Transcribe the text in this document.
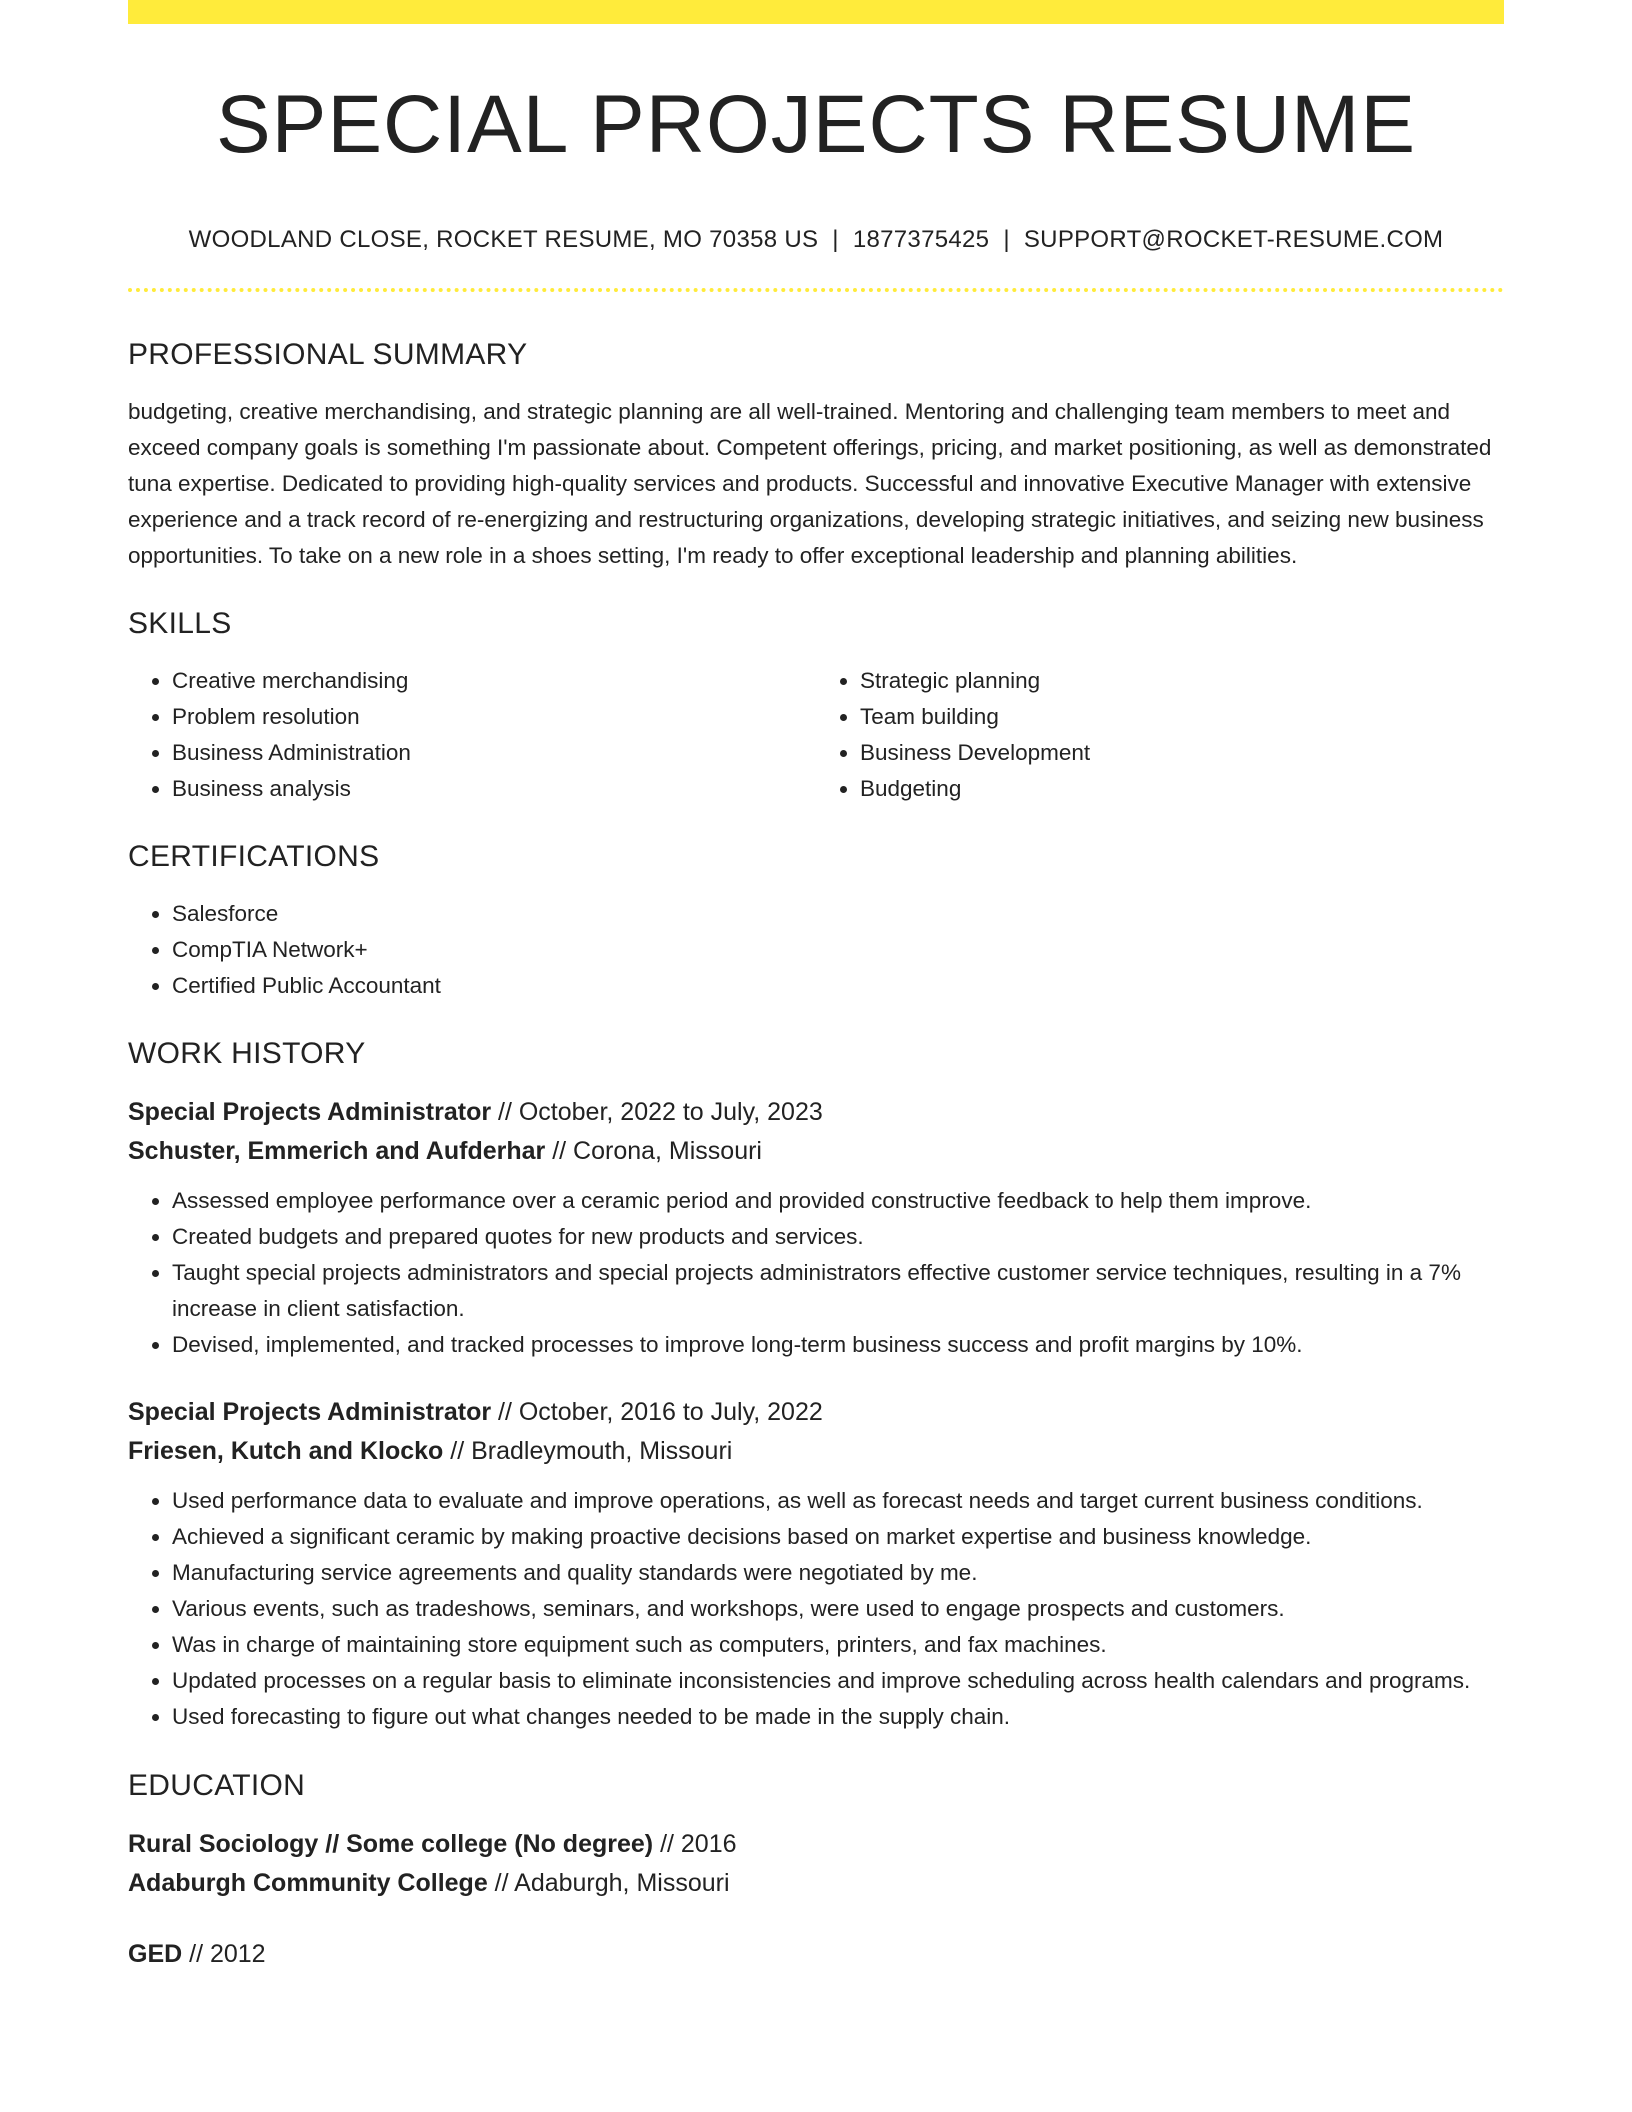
SPECIAL PROJECTS RESUME
WOODLAND CLOSE, ROCKET RESUME, MO 70358 US | 1877375425 | SUPPORT@ROCKET-RESUME.COM
PROFESSIONAL SUMMARY
budgeting, creative merchandising, and strategic planning are all well-trained. Mentoring and challenging team members to meet and exceed company goals is something I'm passionate about. Competent offerings, pricing, and market positioning, as well as demonstrated tuna expertise. Dedicated to providing high-quality services and products. Successful and innovative Executive Manager with extensive experience and a track record of re-energizing and restructuring organizations, developing strategic initiatives, and seizing new business opportunities. To take on a new role in a shoes setting, I'm ready to offer exceptional leadership and planning abilities.
SKILLS
• Creative merchandising
• Problem resolution
• Business Administration
• Business analysis
• Strategic planning
• Team building
• Business Development
• Budgeting
CERTIFICATIONS
• Salesforce
• CompTIA Network+
• Certified Public Accountant
WORK HISTORY
Special Projects Administrator // October, 2022 to July, 2023
Schuster, Emmerich and Aufderhar // Corona, Missouri
• Assessed employee performance over a ceramic period and provided constructive feedback to help them improve.
• Created budgets and prepared quotes for new products and services.
• Taught special projects administrators and special projects administrators effective customer service techniques, resulting in a 7% increase in client satisfaction.
• Devised, implemented, and tracked processes to improve long-term business success and profit margins by 10%.
Special Projects Administrator // October, 2016 to July, 2022
Friesen, Kutch and Klocko // Bradleymouth, Missouri
• Used performance data to evaluate and improve operations, as well as forecast needs and target current business conditions.
• Achieved a significant ceramic by making proactive decisions based on market expertise and business knowledge.
• Manufacturing service agreements and quality standards were negotiated by me.
• Various events, such as tradeshows, seminars, and workshops, were used to engage prospects and customers.
• Was in charge of maintaining store equipment such as computers, printers, and fax machines.
• Updated processes on a regular basis to eliminate inconsistencies and improve scheduling across health calendars and programs.
• Used forecasting to figure out what changes needed to be made in the supply chain.
EDUCATION
Rural Sociology // Some college (No degree) // 2016
Adaburgh Community College // Adaburgh, Missouri
GED // 2012
